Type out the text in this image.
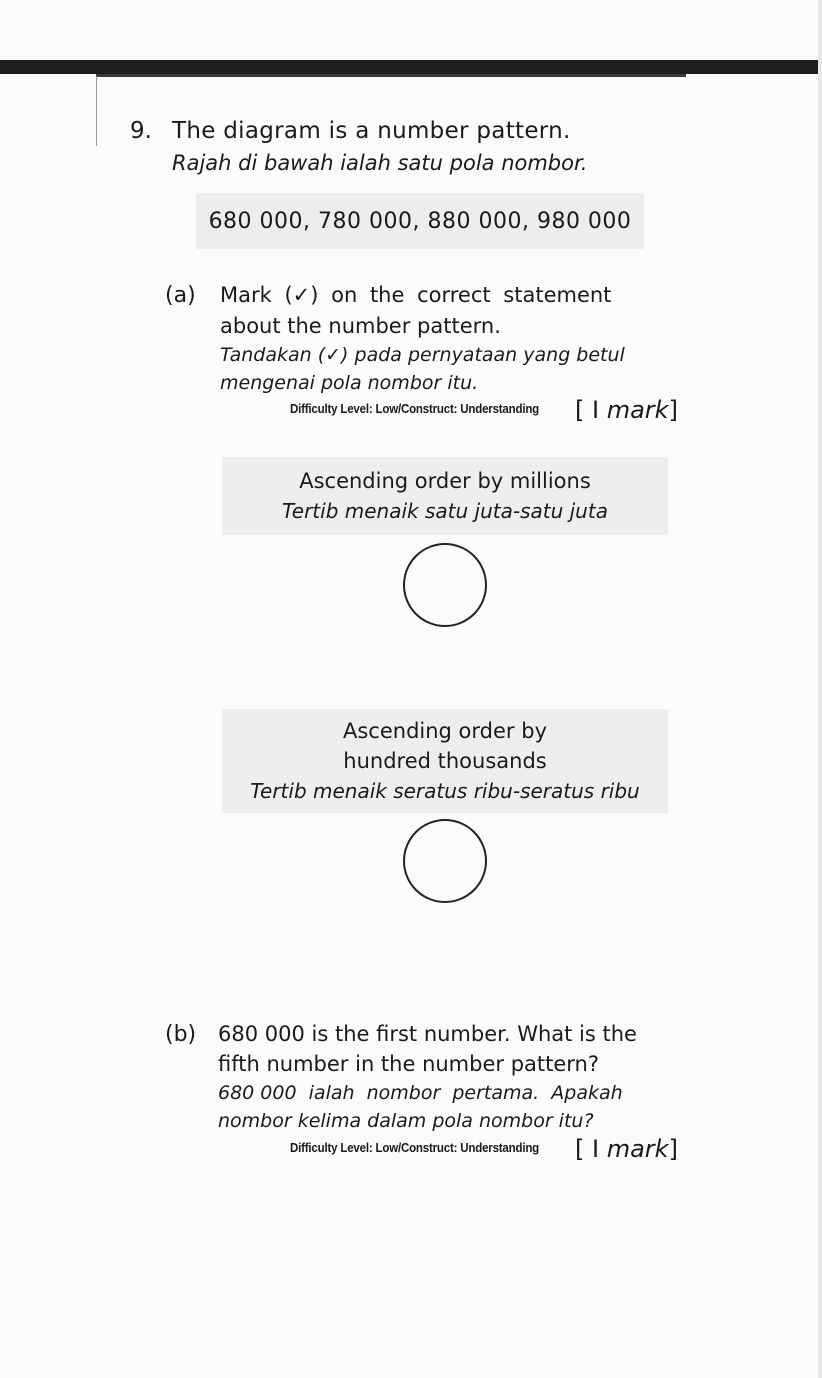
9. The diagram is a number pattern.
Rajah di bawah ialah satu pola nombor.
680 000, 780 000, 880 000, 980 000
(a) Mark (✓) on the correct statement
about the number pattern.
Tandakan (✓) pada pernyataan yang betul
mengenai pola nombor itu.
Difficulty Level: Low/Construct: Understanding [ I mark]
Ascending order by millions
Tertib menaik satu juta-satu juta
Ascending order by
hundred thousands
Tertib menaik seratus ribu-seratus ribu
(b) 680 000 is the first number. What is the
fifth number in the number pattern?
680 000  ialah  nombor  pertama.  Apakah
nombor kelima dalam pola nombor itu?
Difficulty Level: Low/Construct: Understanding [ I mark]
